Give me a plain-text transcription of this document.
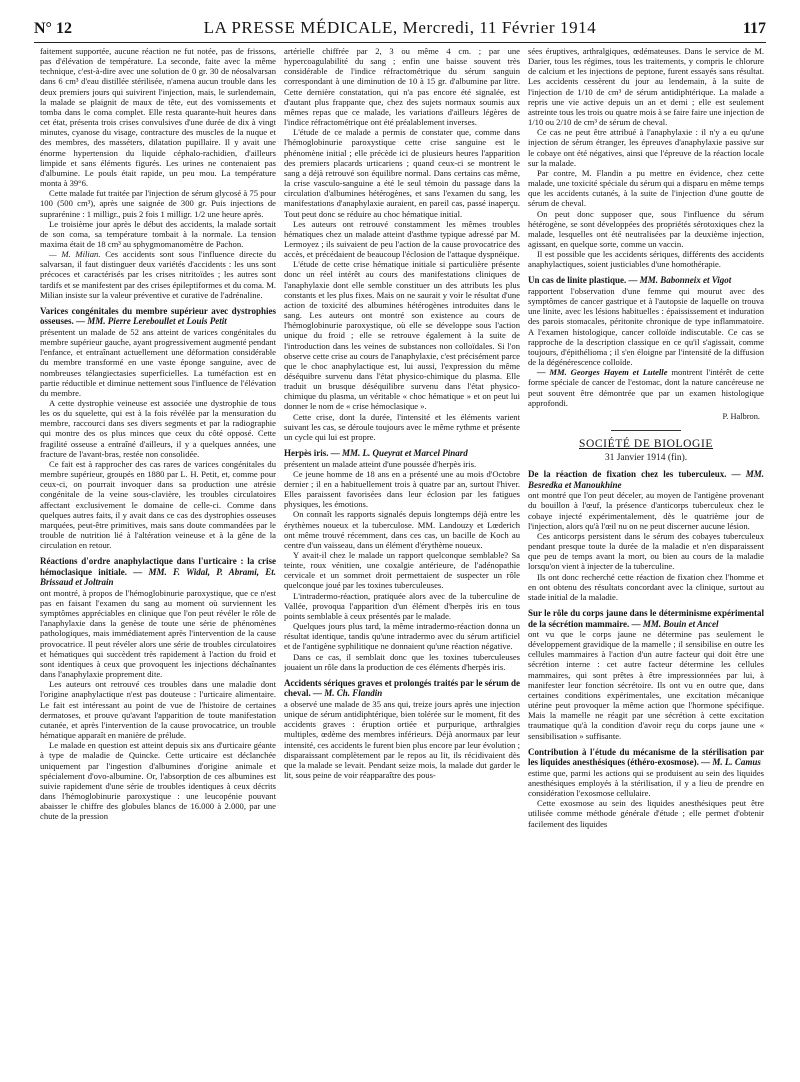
N° 12	LA PRESSE MÉDICALE, Mercredi, 11 Février 1914	117

faitement supportée, aucune réaction ne fut notée, pas de frissons, pas d'élévation de température. La seconde, faite avec la même technique, c'est-à-dire avec une solution de 0 gr. 30 de néosalvarsan dans 6 cm³ d'eau distillée stérilisée, n'amena aucun trouble dans les deux premiers jours qui suivirent l'injection, mais, le surlendemain, la malade se plaignit de maux de tête, eut des vomissements et tomba dans le coma complet. Elle resta quarante-huit heures dans cet état, présenta trois crises convulsives d'une durée de dix à vingt minutes, cyanose du visage, contracture des muscles de la nuque et des membres, des masséters, dilatation pupillaire. Il y avait une énorme hypertension du liquide céphalo-rachidien, d'ailleurs limpide et sans éléments figurés. Les urines ne contenaient pas d'albumine. Le pouls était rapide, un peu mou. La température monta à 39°6.

Cette malade fut traitée par l'injection de sérum glycosé à 75 pour 100 (500 cm³), après une saignée de 300 gr. Puis injections de suprarénine : 1 milligr., puis 2 fois 1 milligr. 1/2 une heure après.

Le troisième jour après le début des accidents, la malade sortait de son coma, sa température tombait à la normale. La tension maxima était de 18 cm³ au sphygmomanomètre de Pachon.

— M. Milian. Ces accidents sont sous l'influence directe du salvarsan, il faut distinguer deux variétés d'accidents : les uns sont précoces et caractérisés par les crises nitritoïdes ; les autres sont tardifs et se manifestent par des crises épileptiformes et du coma. M. Milian insiste sur la valeur préventive et curative de l'adrénaline.

Varices congénitales du membre supérieur avec dystrophies osseuses. — MM. Pierre Lereboullet et Louis Petit

présentent un malade de 52 ans atteint de varices congénitales du membre supérieur gauche, ayant progressivement augmenté pendant l'enfance, et entraînant actuellement une déformation considérable du membre transformé en une vaste éponge sanguine, avec de nombreuses télangiectasies superficielles. La tuméfaction est en partie réductible et diminue nettement sous l'influence de l'élévation du membre.

A cette dystrophie veineuse est associée une dystrophie de tous les os du squelette, qui est à la fois révélée par la mensuration du membre, raccourci dans ses divers segments et par la radiographie qui montre des os plus minces que ceux du côté opposé. Cette fragilité osseuse a entraîné d'ailleurs, il y a quelques années, une fracture de l'avant-bras, restée non consolidée.

Ce fait est à rapprocher des cas rares de varices congénitales du membre supérieur, groupés en 1880 par L. H. Petit, et, comme pour ceux-ci, on pourrait invoquer dans sa production une atrésie congénitale de la veine sous-clavière, les troubles circulatoires affectant exclusivement le domaine de celle-ci. Comme dans quelques autres faits, il y avait dans ce cas des dystrophies osseuses marquées, peut-être primitives, mais sans doute commandées par le trouble de nutrition lié à l'altération veineuse et à la gêne de la circulation en retour.

Réactions d'ordre anaphylactique dans l'urticaire : la crise hémoclasique initiale. — MM. F. Widal, P. Abrami, Et. Brissaud et Joltrain

ont montré, à propos de l'hémoglobinurie paroxystique, que ce n'est pas en faisant l'examen du sang au moment où surviennent les symptômes appréciables en clinique que l'on peut révéler le rôle de l'anaphylaxie dans la genèse de toute une série de phénomènes pathologiques, mais immédiatement après l'intervention de la cause provocatrice. Il peut révéler alors une série de troubles circulatoires et hématiques qui succèdent très rapidement à l'action du froid et sont identiques à ceux que provoquent les injections déchaînantes dans l'anaphylaxie proprement dite.

Les auteurs ont retrouvé ces troubles dans une maladie dont l'origine anaphylactique n'est pas douteuse : l'urticaire alimentaire. Le fait est intéressant au point de vue de l'histoire de certaines dermatoses, et prouve qu'avant l'apparition de toute manifestation cutanée, et après l'intervention de la cause provocatrice, un trouble hématique apparaît en manière de prélude.

Le malade en question est atteint depuis six ans d'urticaire géante à type de maladie de Quincke. Cette urticaire est déclanchée uniquement par l'ingestion d'albumines d'origine animale et spécialement d'ovo-albumine. Or, l'absorption de ces albumines est suivie rapidement d'une série de troubles identiques à ceux décrits dans l'hémoglobinurie paroxystique : une leucopénie pouvant abaisser le chiffre des globules blancs de 16.000 à 2.000, par une chute de la pression

artérielle chiffrée par 2, 3 ou même 4 cm. ; par une hypercoagulabilité du sang ; enfin une baisse souvent très considérable de l'indice réfractométrique du sérum sanguin correspondant à une diminution de 10 à 15 gr. d'albumine par litre. Cette dernière constatation, qui n'a pas encore été signalée, est d'autant plus frappante que, chez des sujets normaux soumis aux mêmes repas que ce malade, les variations d'ailleurs légères de l'indice réfractométrique ont été préalablement inverses.

L'étude de ce malade a permis de constater que, comme dans l'hémoglobinurie paroxystique cette crise sanguine est le phénomène initial ; elle précède ici de plusieurs heures l'apparition des premiers placards urticariens ; quand ceux-ci se montrent le sang a déjà retrouvé son équilibre normal. Dans certains cas même, la crise vasculo-sanguine a été le seul témoin du passage dans la circulation d'albumines hétérogènes, et sans l'examen du sang, les manifestations d'anaphylaxie auraient, en pareil cas, passé inaperçu. Tout peut donc se réduire au choc hématique initial.

Les auteurs ont retrouvé constamment les mêmes troubles hématiques chez un malade atteint d'asthme typique adressé par M. Lermoyez ; ils suivaient de peu l'action de la cause provocatrice des accès, et précédaient de beaucoup l'éclosion de l'attaque dyspnéique.

L'étude de cette crise hématique initiale si particulière présente donc un réel intérêt au cours des manifestations cliniques de l'anaphylaxie dont elle semble constituer un des attributs les plus constants et les plus fixes. Mais on ne saurait y voir le résultat d'une action de toxicité des albumines hétérogènes introduites dans le sang. Les auteurs ont montré son existence au cours de l'hémoglobinurie paroxystique, où elle se développe sous l'action unique du froid ; elle se retrouve également à la suite de l'introduction dans les veines de substances non colloïdales. Si l'on observe cette crise au cours de l'anaphylaxie, c'est précisément parce que le choc anaphylactique est, lui aussi, l'expression du même déséquibre survenu dans l'état physico-chimique du plasma. Elle traduit un brusque déséquilibre survenu dans l'état physico-chimique du plasma, un véritable « choc hématique » et on peut lui donner le nom de « crise hémoclasique ».

Cette crise, dont la durée, l'intensité et les éléments varient suivant les cas, se déroule toujours avec le même rythme et présente un cycle qui lui est propre.

Herpès iris. — MM. L. Queyrat et Marcel Pinard

présentent un malade atteint d'une poussée d'herpès iris.

Ce jeune homme de 18 ans en a présenté une au mois d'Octobre dernier ; il en a habituellement trois à quatre par an, surtout l'hiver. Elles paraissent favorisées dans leur éclosion par les fatigues physiques, les émotions.

On connaît les rapports signalés depuis longtemps déjà entre les érythèmes noueux et la tuberculose. MM. Landouzy et Lœderich ont même trouvé récemment, dans ces cas, un bacille de Koch au centre d'un vaisseau, dans un élément d'érythème noueux.

Y avait-il chez le malade un rapport quelconque semblable? Sa teinte, roux vénitien, une coxalgie antérieure, de l'adénopathie cervicale et un sommet droit permettaient de suspecter un rôle quelconque joué par les toxines tuberculeuses.

L'intradermo-réaction, pratiquée alors avec de la tuberculine de Vallée, provoqua l'apparition d'un élément d'herpès iris en tous points semblable à ceux présentés par le malade.

Quelques jours plus tard, la même intradermo-réaction donna un résultat identique, tandis qu'une intradermo avec du sérum artificiel et de l'antigène syphilitique ne donnaient qu'une réaction négative.

Dans ce cas, il semblait donc que les toxines tuberculeuses jouaient un rôle dans la production de ces éléments d'herpès iris.

Accidents sériques graves et prolongés traités par le sérum de cheval. — M. Ch. Flandin

a observé une malade de 35 ans qui, treize jours après une injection unique de sérum antidiphtérique, bien tolérée sur le moment, fit des accidents graves : éruption ortiée et purpurique, arthralgies multiples, œdème des membres inférieurs. Déjà anormaux par leur intensité, ces accidents le furent bien plus encore par leur évolution ; disparaissant complètement par le repos au lit, ils récidivaient dès que la malade se levait. Pendant seize mois, la malade dut garder le lit, sous peine de voir réapparaître des pous-

sées éruptives, arthralgiques, œdémateuses. Dans le service de M. Darier, tous les régimes, tous les traitements, y compris le chlorure de calcium et les injections de peptone, furent essayés sans résultat. Les accidents cessèrent du jour au lendemain, à la suite de l'injection de 1/10 de cm³ de sérum antidiphtérique. La malade a repris une vie active depuis un an et demi ; elle est seulement astreinte tous les trois ou quatre mois à se faire faire une injection de 1/10 ou 2/10 de cm³ de sérum de cheval.

Ce cas ne peut être attribué à l'anaphylaxie : il n'y a eu qu'une injection de sérum étranger, les épreuves d'anaphylaxie passive sur le cobaye ont été négatives, ainsi que l'épreuve de la réaction locale sur la malade.

Par contre, M. Flandin a pu mettre en évidence, chez cette malade, une toxicité spéciale du sérum qui a disparu en même temps que les accidents cutanés, à la suite de l'injection d'une goutte de sérum de cheval.

On peut donc supposer que, sous l'influence du sérum hétérogène, se sont développées des propriétés sérotoxiques chez la malade, lesquelles ont été neutralisées par la deuxième injection, agissant, en quelque sorte, comme un vaccin.

Il est possible que les accidents sériques, différents des accidents anaphylactiques, soient justiciables d'une homothérapie.

Un cas de linite plastique. — MM. Babonneix et Vigot

rapportent l'observation d'une femme qui mourut avec des symptômes de cancer gastrique et à l'autopsie de laquelle on trouva une linite, avec les lésions habituelles : épaississement et induration des parois stomacales, péritonite chronique de type inflammatoire. A l'examen histologique, cancer colloïde indiscutable. Ce cas se rapproche de la description classique en ce qu'il s'agissait, comme toujours, d'épithélioma ; il s'en éloigne par l'intensité de la diffusion de la dégénérescence colloïde.

— MM. Georges Hayem et Lutelle montrent l'intérêt de cette forme spéciale de cancer de l'estomac, dont la nature cancéreuse ne peut souvent être démontrée que par un examen histologique approfondi.

P. Halbron.

SOCIÉTÉ DE BIOLOGIE

31 Janvier 1914 (fin).

De la réaction de fixation chez les tuberculeux. — MM. Besredka et Manoukhine

ont montré que l'on peut déceler, au moyen de l'antigène provenant du bouillon à l'œuf, la présence d'anticorps tuberculeux chez le cobaye injecté expérimentalement, dès le quatrième jour de l'injection, alors qu'à l'œil nu on ne peut discerner aucune lésion.

Ces anticorps persistent dans le sérum des cobayes tuberculeux pendant presque toute la durée de la maladie et n'en disparaissent que peu de temps avant la mort, ou bien au cours de la maladie lorsqu'on vient à injecter de la tuberculine.

Ils ont donc recherché cette réaction de fixation chez l'homme et en ont obtenu des résultats concordant avec la clinique, surtout au stade initial de la maladie.

Sur le rôle du corps jaune dans le déterminisme expérimental de la sécrétion mammaire. — MM. Bouin et Ancel

ont vu que le corps jaune ne détermine pas seulement le développement gravidique de la mamelle ; il sensibilise en outre les cellules mammaires à l'action d'un autre facteur qui doit être une sécrétion interne : cet autre facteur détermine les cellules mammaires, qui sont prêtes à être impressionnées par lui, à manifester leur fonction sécrétoire. Ils ont vu en outre que, dans certaines conditions expérimentales, une excitation mécanique utérine peut provoquer la même action que l'hormone spécifique. Mais la mamelle ne réagit par une sécrétion à cette excitation traumatique qu'à la condition d'avoir reçu du corps jaune une « sensibilisation » suffisante.

Contribution à l'étude du mécanisme de la stérilisation par les liquides anesthésiques (éthéro-exosmose). — M. L. Camus

estime que, parmi les actions qui se produisent au sein des liquides anesthésiques employés à la stérilisation, il y a lieu de prendre en considération l'exosmose cellulaire.

Cette exosmose au sein des liquides anesthésiques peut être utilisée comme méthode générale d'étude ; elle permet d'obtenir facilement des liquides
